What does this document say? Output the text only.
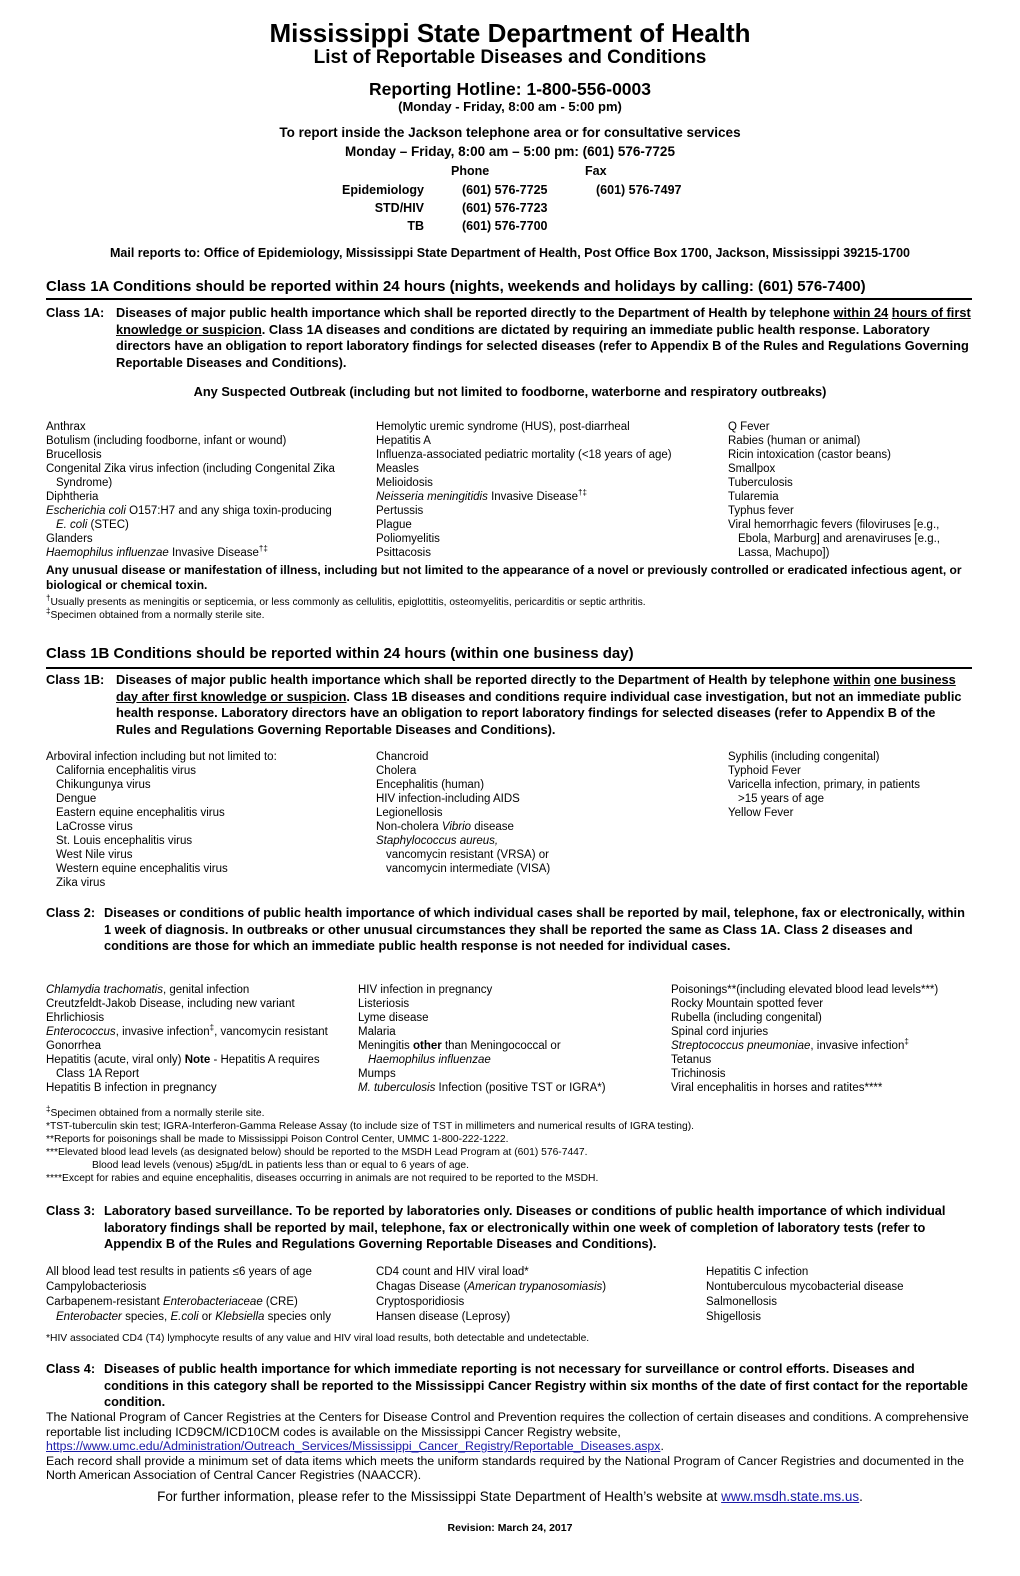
Mississippi State Department of Health
List of Reportable Diseases and Conditions
Reporting Hotline: 1-800-556-0003
(Monday - Friday, 8:00 am - 5:00 pm)
To report inside the Jackson telephone area or for consultative services
Monday – Friday, 8:00 am – 5:00 pm: (601) 576-7725
Phone	Fax
Epidemiology	(601) 576-7725	(601) 576-7497
STD/HIV	(601) 576-7723
TB	(601) 576-7700
Mail reports to: Office of Epidemiology, Mississippi State Department of Health, Post Office Box 1700, Jackson, Mississippi 39215-1700
Class 1A Conditions should be reported within 24 hours (nights, weekends and holidays by calling: (601) 576-7400)
Class 1A: Diseases of major public health importance which shall be reported directly to the Department of Health by telephone within 24 hours of first knowledge or suspicion. Class 1A diseases and conditions are dictated by requiring an immediate public health response. Laboratory directors have an obligation to report laboratory findings for selected diseases (refer to Appendix B of the Rules and Regulations Governing Reportable Diseases and Conditions).
Any Suspected Outbreak (including but not limited to foodborne, waterborne and respiratory outbreaks)
Anthrax
Botulism (including foodborne, infant or wound)
Brucellosis
Congenital Zika virus infection (including Congenital Zika
Syndrome)
Diphtheria
Escherichia coli O157:H7 and any shiga toxin-producing
E. coli (STEC)
Glanders
Haemophilus influenzae Invasive Disease†‡
Hemolytic uremic syndrome (HUS), post-diarrheal
Hepatitis A
Influenza-associated pediatric mortality (<18 years of age)
Measles
Melioidosis
Neisseria meningitidis Invasive Disease†‡
Pertussis
Plague
Poliomyelitis
Psittacosis
Q Fever
Rabies (human or animal)
Ricin intoxication (castor beans)
Smallpox
Tuberculosis
Tularemia
Typhus fever
Viral hemorrhagic fevers (filoviruses [e.g.,
Ebola, Marburg] and arenaviruses [e.g.,
Lassa, Machupo])
Any unusual disease or manifestation of illness, including but not limited to the appearance of a novel or previously controlled or eradicated infectious agent, or biological or chemical toxin.
†Usually presents as meningitis or septicemia, or less commonly as cellulitis, epiglottitis, osteomyelitis, pericarditis or septic arthritis.
‡Specimen obtained from a normally sterile site.
Class 1B Conditions should be reported within 24 hours (within one business day)
Class 1B: Diseases of major public health importance which shall be reported directly to the Department of Health by telephone within one business day after first knowledge or suspicion. Class 1B diseases and conditions require individual case investigation, but not an immediate public health response. Laboratory directors have an obligation to report laboratory findings for selected diseases (refer to Appendix B of the Rules and Regulations Governing Reportable Diseases and Conditions).
Arboviral infection including but not limited to:
California encephalitis virus
Chikungunya virus
Dengue
Eastern equine encephalitis virus
LaCrosse virus
St. Louis encephalitis virus
West Nile virus
Western equine encephalitis virus
Zika virus
Chancroid
Cholera
Encephalitis (human)
HIV infection-including AIDS
Legionellosis
Non-cholera Vibrio disease
Staphylococcus aureus,
vancomycin resistant (VRSA) or
vancomycin intermediate (VISA)
Syphilis (including congenital)
Typhoid Fever
Varicella infection, primary, in patients
>15 years of age
Yellow Fever
Class 2: Diseases or conditions of public health importance of which individual cases shall be reported by mail, telephone, fax or electronically, within 1 week of diagnosis. In outbreaks or other unusual circumstances they shall be reported the same as Class 1A. Class 2 diseases and conditions are those for which an immediate public health response is not needed for individual cases.
Chlamydia trachomatis, genital infection
Creutzfeldt-Jakob Disease, including new variant
Ehrlichiosis
Enterococcus, invasive infection‡, vancomycin resistant
Gonorrhea
Hepatitis (acute, viral only) Note - Hepatitis A requires
Class 1A Report
Hepatitis B infection in pregnancy
HIV infection in pregnancy
Listeriosis
Lyme disease
Malaria
Meningitis other than Meningococcal or
Haemophilus influenzae
Mumps
M. tuberculosis Infection (positive TST or IGRA*)
Poisonings**(including elevated blood lead levels***)
Rocky Mountain spotted fever
Rubella (including congenital)
Spinal cord injuries
Streptococcus pneumoniae, invasive infection‡
Tetanus
Trichinosis
Viral encephalitis in horses and ratites****
‡Specimen obtained from a normally sterile site.
*TST-tuberculin skin test; IGRA-Interferon-Gamma Release Assay (to include size of TST in millimeters and numerical results of IGRA testing).
**Reports for poisonings shall be made to Mississippi Poison Control Center, UMMC 1-800-222-1222.
***Elevated blood lead levels (as designated below) should be reported to the MSDH Lead Program at (601) 576-7447.
Blood lead levels (venous) ≥5μg/dL in patients less than or equal to 6 years of age.
****Except for rabies and equine encephalitis, diseases occurring in animals are not required to be reported to the MSDH.
Class 3: Laboratory based surveillance. To be reported by laboratories only. Diseases or conditions of public health importance of which individual laboratory findings shall be reported by mail, telephone, fax or electronically within one week of completion of laboratory tests (refer to Appendix B of the Rules and Regulations Governing Reportable Diseases and Conditions).
All blood lead test results in patients ≤6 years of age
Campylobacteriosis
Carbapenem-resistant Enterobacteriaceae (CRE)
Enterobacter species, E.coli or Klebsiella species only
CD4 count and HIV viral load*
Chagas Disease (American trypanosomiasis)
Cryptosporidiosis
Hansen disease (Leprosy)
Hepatitis C infection
Nontuberculous mycobacterial disease
Salmonellosis
Shigellosis
*HIV associated CD4 (T4) lymphocyte results of any value and HIV viral load results, both detectable and undetectable.
Class 4: Diseases of public health importance for which immediate reporting is not necessary for surveillance or control efforts. Diseases and conditions in this category shall be reported to the Mississippi Cancer Registry within six months of the date of first contact for the reportable condition.
The National Program of Cancer Registries at the Centers for Disease Control and Prevention requires the collection of certain diseases and conditions. A comprehensive reportable list including ICD9CM/ICD10CM codes is available on the Mississippi Cancer Registry website,
https://www.umc.edu/Administration/Outreach_Services/Mississippi_Cancer_Registry/Reportable_Diseases.aspx.
Each record shall provide a minimum set of data items which meets the uniform standards required by the National Program of Cancer Registries and documented in the North American Association of Central Cancer Registries (NAACCR).
For further information, please refer to the Mississippi State Department of Health’s website at www.msdh.state.ms.us.
Revision: March 24, 2017
